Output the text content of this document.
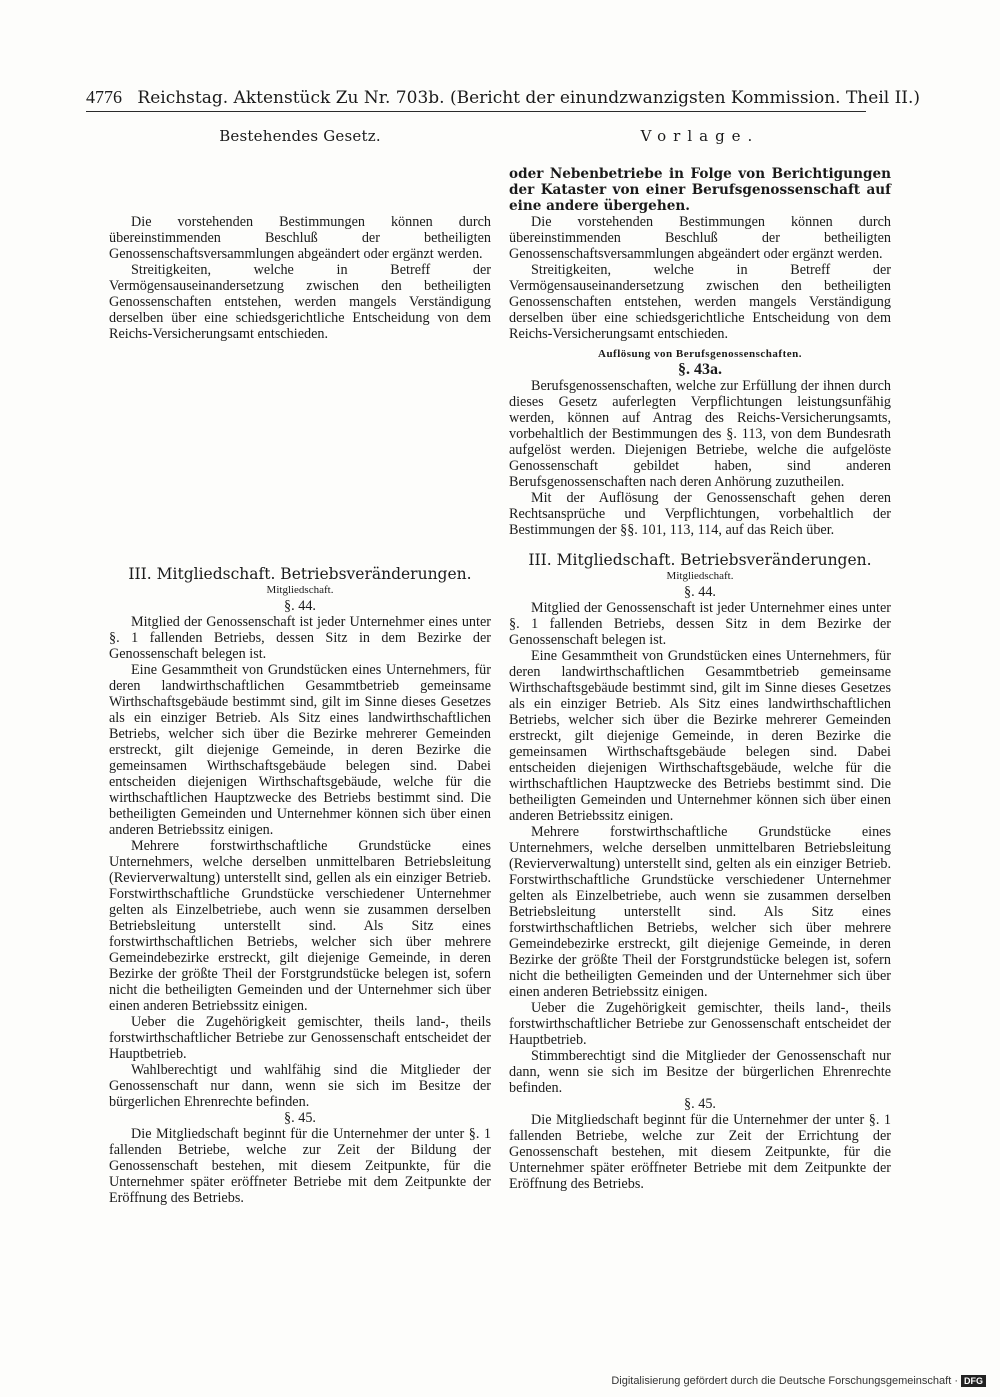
4776 Reichstag. Aktenstück Zu Nr. 703b. (Bericht der einundzwanzigsten Kommission. Theil II.)

Bestehendes Gesetz.

Die vorstehenden Bestimmungen können durch übereinstimmenden Beschluß der betheiligten Genossenschaftsversammlungen abgeändert oder ergänzt werden.

Streitigkeiten, welche in Betreff der Vermögensauseinandersetzung zwischen den betheiligten Genossenschaften entstehen, werden mangels Verständigung derselben über eine schiedsgerichtliche Entscheidung von dem Reichs-Versicherungsamt entschieden.

III. Mitgliedschaft. Betriebsveränderungen.

Mitgliedschaft.

§. 44.

Mitglied der Genossenschaft ist jeder Unternehmer eines unter §. 1 fallenden Betriebs, dessen Sitz in dem Bezirke der Genossenschaft belegen ist.

Eine Gesammtheit von Grundstücken eines Unternehmers, für deren landwirthschaftlichen Gesammtbetrieb gemeinsame Wirthschaftsgebäude bestimmt sind, gilt im Sinne dieses Gesetzes als ein einziger Betrieb. Als Sitz eines landwirthschaftlichen Betriebs, welcher sich über die Bezirke mehrerer Gemeinden erstreckt, gilt diejenige Gemeinde, in deren Bezirke die gemeinsamen Wirthschaftsgebäude belegen sind. Dabei entscheiden diejenigen Wirthschaftsgebäude, welche für die wirthschaftlichen Hauptzwecke des Betriebs bestimmt sind. Die betheiligten Gemeinden und Unternehmer können sich über einen anderen Betriebssitz einigen.

Mehrere forstwirthschaftliche Grundstücke eines Unternehmers, welche derselben unmittelbaren Betriebsleitung (Revierverwaltung) unterstellt sind, gellen als ein einziger Betrieb. Forstwirthschaftliche Grundstücke verschiedener Unternehmer gelten als Einzelbetriebe, auch wenn sie zusammen derselben Betriebsleitung unterstellt sind. Als Sitz eines forstwirthschaftlichen Betriebs, welcher sich über mehrere Gemeindebezirke erstreckt, gilt diejenige Gemeinde, in deren Bezirke der größte Theil der Forstgrundstücke belegen ist, sofern nicht die betheiligten Gemeinden und der Unternehmer sich über einen anderen Betriebssitz einigen.

Ueber die Zugehörigkeit gemischter, theils land-, theils forstwirthschaftlicher Betriebe zur Genossenschaft entscheidet der Hauptbetrieb.

Wahlberechtigt und wahlfähig sind die Mitglieder der Genossenschaft nur dann, wenn sie sich im Besitze der bürgerlichen Ehrenrechte befinden.

§. 45.

Die Mitgliedschaft beginnt für die Unternehmer der unter §. 1 fallenden Betriebe, welche zur Zeit der Bildung der Genossenschaft bestehen, mit diesem Zeitpunkte, für die Unternehmer später eröffneter Betriebe mit dem Zeitpunkte der Eröffnung des Betriebs.

Vorlage.

oder Nebenbetriebe in Folge von Berichtigungen der Kataster von einer Berufsgenossenschaft auf eine andere übergehen.

Die vorstehenden Bestimmungen können durch übereinstimmenden Beschluß der betheiligten Genossenschaftsversammlungen abgeändert oder ergänzt werden.

Streitigkeiten, welche in Betreff der Vermögensauseinandersetzung zwischen den betheiligten Genossenschaften entstehen, werden mangels Verständigung derselben über eine schiedsgerichtliche Entscheidung von dem Reichs-Versicherungsamt entschieden.

Auflösung von Berufsgenossenschaften.

§. 43a.

Berufsgenossenschaften, welche zur Erfüllung der ihnen durch dieses Gesetz auferlegten Verpflichtungen leistungsunfähig werden, können auf Antrag des Reichs-Versicherungsamts, vorbehaltlich der Bestimmungen des §. 113, von dem Bundesrath aufgelöst werden. Diejenigen Betriebe, welche die aufgelöste Genossenschaft gebildet haben, sind anderen Berufsgenossenschaften nach deren Anhörung zuzutheilen.

Mit der Auflösung der Genossenschaft gehen deren Rechtsansprüche und Verpflichtungen, vorbehaltlich der Bestimmungen der §§. 101, 113, 114, auf das Reich über.

III. Mitgliedschaft. Betriebsveränderungen.

Mitgliedschaft.

§. 44.

Mitglied der Genossenschaft ist jeder Unternehmer eines unter §. 1 fallenden Betriebs, dessen Sitz in dem Bezirke der Genossenschaft belegen ist.

Eine Gesammtheit von Grundstücken eines Unternehmers, für deren landwirthschaftlichen Gesammtbetrieb gemeinsame Wirthschaftsgebäude bestimmt sind, gilt im Sinne dieses Gesetzes als ein einziger Betrieb. Als Sitz eines landwirthschaftlichen Betriebs, welcher sich über die Bezirke mehrerer Gemeinden erstreckt, gilt diejenige Gemeinde, in deren Bezirke die gemeinsamen Wirthschaftsgebäude belegen sind. Dabei entscheiden diejenigen Wirthschaftsgebäude, welche für die wirthschaftlichen Hauptzwecke des Betriebs bestimmt sind. Die betheiligten Gemeinden und Unternehmer können sich über einen anderen Betriebssitz einigen.

Mehrere forstwirthschaftliche Grundstücke eines Unternehmers, welche derselben unmittelbaren Betriebsleitung (Revierverwaltung) unterstellt sind, gelten als ein einziger Betrieb. Forstwirthschaftliche Grundstücke verschiedener Unternehmer gelten als Einzelbetriebe, auch wenn sie zusammen derselben Betriebsleitung unterstellt sind. Als Sitz eines forstwirthschaftlichen Betriebs, welcher sich über mehrere Gemeindebezirke erstreckt, gilt diejenige Gemeinde, in deren Bezirke der größte Theil der Forstgrundstücke belegen ist, sofern nicht die betheiligten Gemeinden und der Unternehmer sich über einen anderen Betriebssitz einigen.

Ueber die Zugehörigkeit gemischter, theils land-, theils forstwirthschaftlicher Betriebe zur Genossenschaft entscheidet der Hauptbetrieb.

Stimmberechtigt sind die Mitglieder der Genossenschaft nur dann, wenn sie sich im Besitze der bürgerlichen Ehrenrechte befinden.

§. 45.

Die Mitgliedschaft beginnt für die Unternehmer der unter §. 1 fallenden Betriebe, welche zur Zeit der Errichtung der Genossenschaft bestehen, mit diesem Zeitpunkte, für die Unternehmer später eröffneter Betriebe mit dem Zeitpunkte der Eröffnung des Betriebs.

Digitalisierung gefördert durch die Deutsche Forschungsgemeinschaft · DFG
